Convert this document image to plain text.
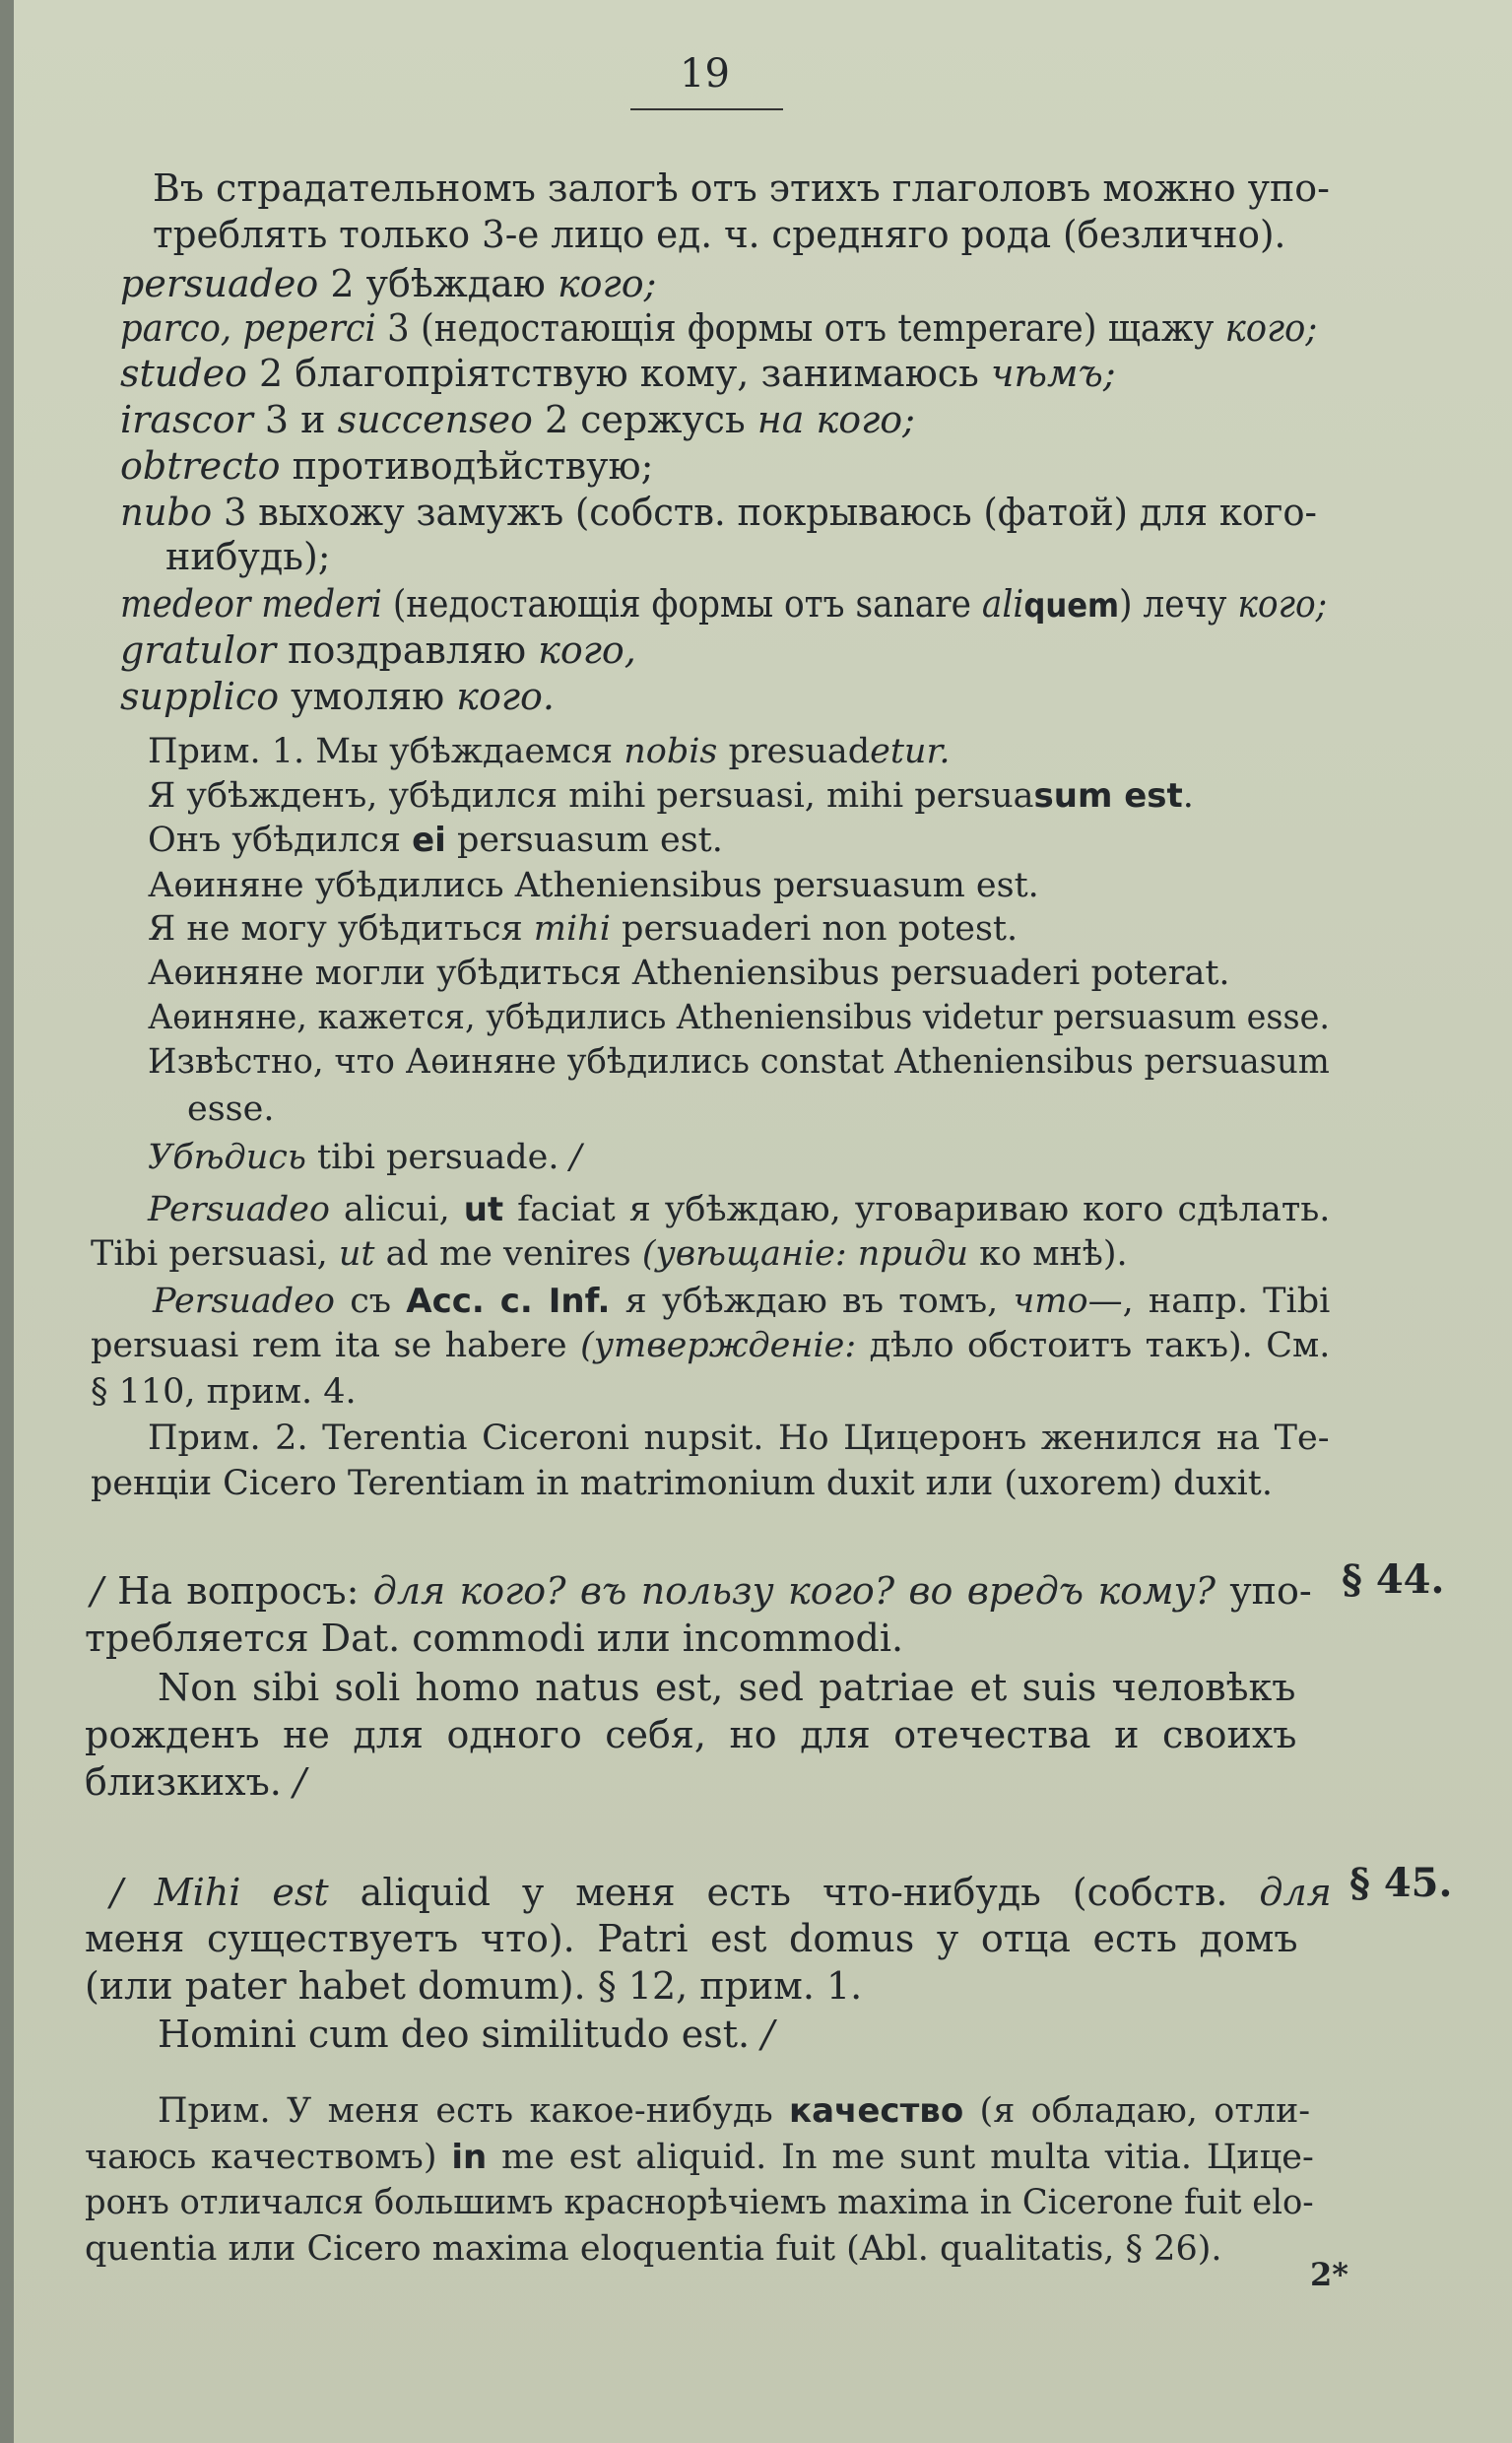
19
Въ страдательномъ залогѣ отъ этихъ глаголовъ можно упо-
треблять только 3-е лицо ед. ч. средняго рода (безлично).
persuadeo 2 убѣждаю кого;
parco, peperci 3 (недостающія формы отъ temperare) щажу кого;
studeo 2 благопріятствую кому, занимаюсь чѣмъ;
irascor 3 и succenseo 2 сержусь на кого;
obtrecto противодѣйствую;
nubo 3 выхожу замужъ (собств. покрываюсь (фатой) для кого-
нибудь);
medeor mederi (недостающія формы отъ sanare aliquem) лечу кого;
gratulor поздравляю кого,
supplico умоляю кого.
Прим. 1. Мы убѣждаемся nobis presuadetur.
Я убѣжденъ, убѣдился mihi persuasi, mihi persuasum est.
Онъ убѣдился ei persuasum est.
Аѳиняне убѣдились Atheniensibus persuasum est.
Я не могу убѣдиться mihi persuaderi non potest.
Аѳиняне могли убѣдиться Atheniensibus persuaderi poterat.
Аѳиняне, кажется, убѣдились Atheniensibus videtur persuasum esse.
Извѣстно, что Аѳиняне убѣдились constat Atheniensibus persuasum
esse.
Убѣдись tibi persuade. /
Persuadeo alicui, ut faciat я убѣждаю, уговариваю кого сдѣлать.
Tibi persuasi, ut ad me venires (увѣщаніе: приди ко мнѣ).
Persuadeo съ Acc. c. Inf. я убѣждаю въ томъ, что—, напр. Tibi
persuasi rem ita se habere (утвержденіе: дѣло обстоитъ такъ). См.
§ 110, прим. 4.
Прим. 2. Terentia Ciceroni nupsit. Но Цицеронъ женился на Те-
ренціи Cicero Terentiam in matrimonium duxit или (uxorem) duxit.
/ На вопросъ: для кого? въ пользу кого? во вредъ кому? упо-
требляется Dat. commodi или incommodi.
Non sibi soli homo natus est, sed patriae et suis человѣкъ
рожденъ не для одного себя, но для отечества и своихъ
близкихъ. /
/ Mihi est aliquid у меня есть что-нибудь (собств. для
меня существуетъ что). Patri est domus у отца есть домъ
(или pater habet domum). § 12, прим. 1.
Homini cum deo similitudo est. /
Прим. У меня есть какое-нибудь качество (я обладаю, отли-
чаюсь качествомъ) in me est aliquid. In me sunt multa vitia. Цице-
ронъ отличался большимъ краснорѣчіемъ maxima in Cicerone fuit elo-
quentia или Cicero maxima eloquentia fuit (Abl. qualitatis, § 26).
§ 44.
§ 45.
2*
